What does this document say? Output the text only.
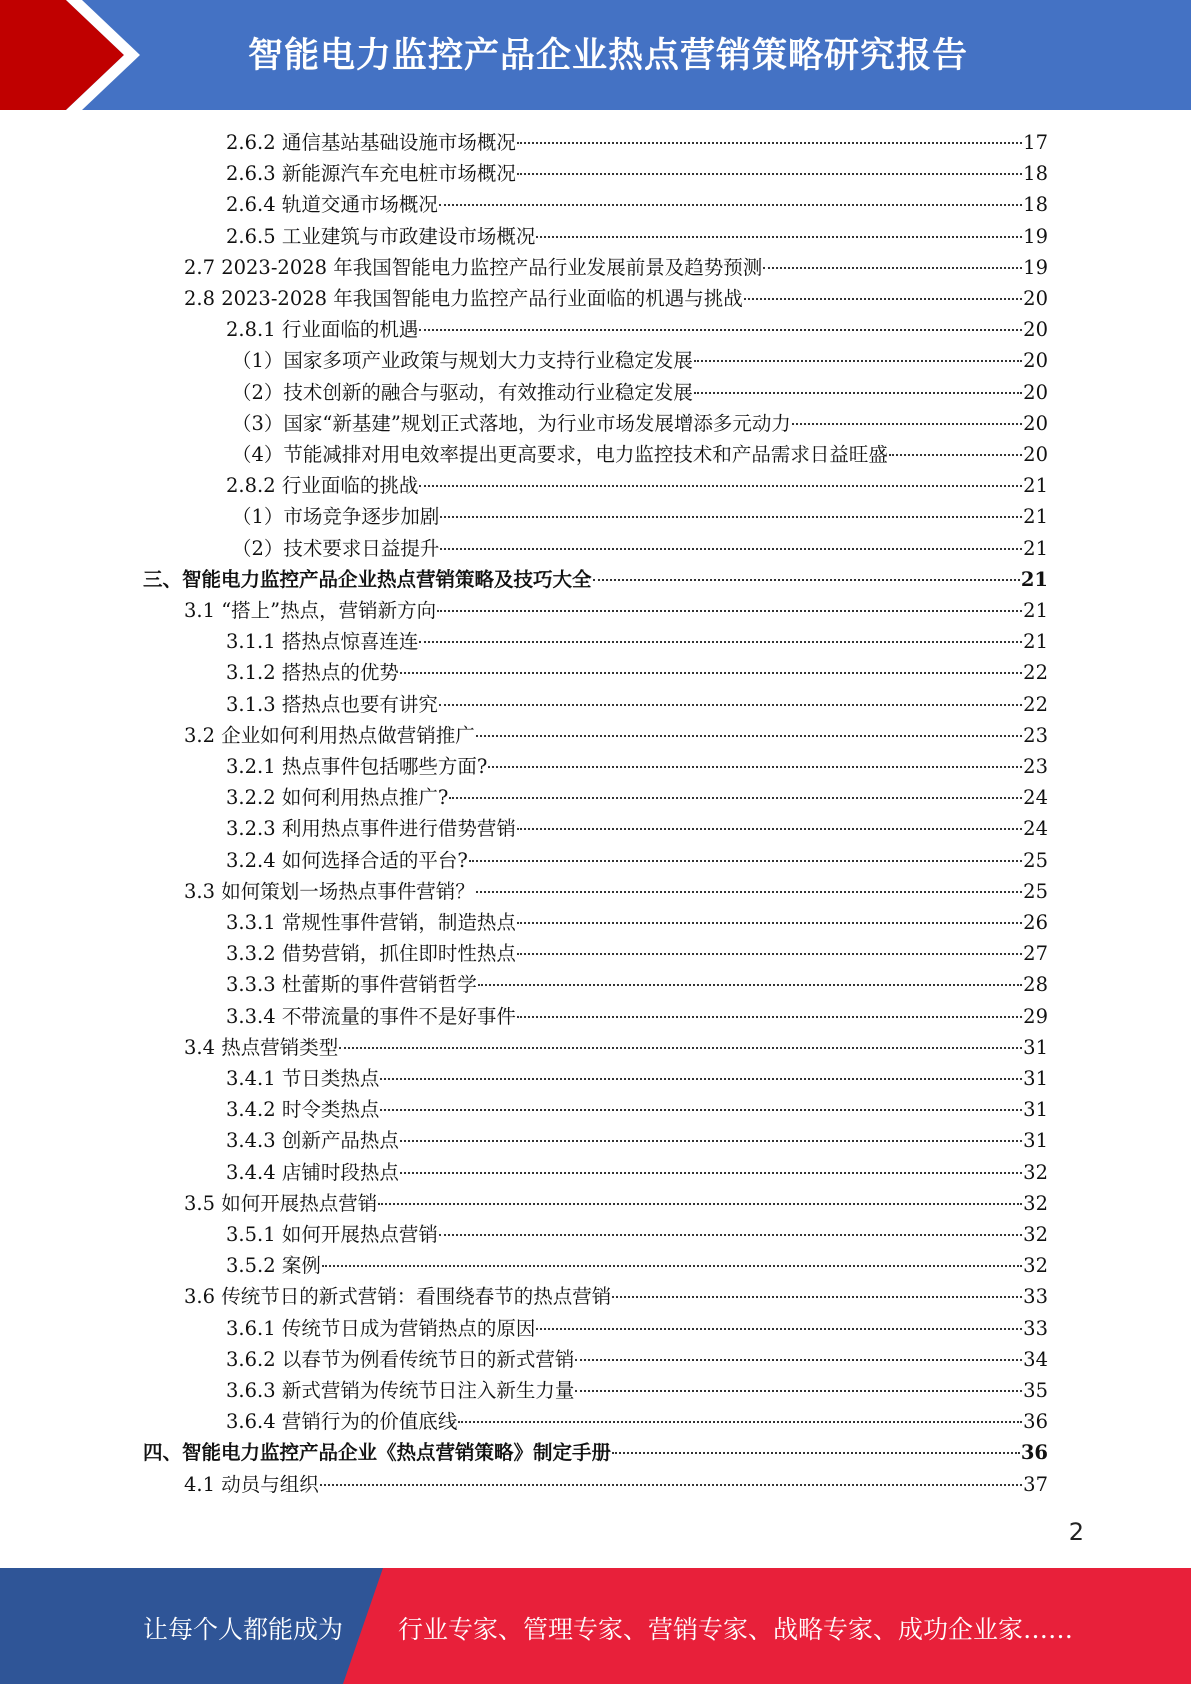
智能电力监控产品企业热点营销策略研究报告
2.6.2 通信基站基础设施市场概况	17
2.6.3 新能源汽车充电桩市场概况	18
2.6.4 轨道交通市场概况	18
2.6.5 工业建筑与市政建设市场概况	19
2.7 2023-2028 年我国智能电力监控产品行业发展前景及趋势预测	19
2.8 2023-2028 年我国智能电力监控产品行业面临的机遇与挑战	20
2.8.1 行业面临的机遇	20
（1）国家多项产业政策与规划大力支持行业稳定发展	20
（2）技术创新的融合与驱动，有效推动行业稳定发展	20
（3）国家“新基建”规划正式落地，为行业市场发展增添多元动力	20
（4）节能减排对用电效率提出更高要求，电力监控技术和产品需求日益旺盛	20
2.8.2 行业面临的挑战	21
（1）市场竞争逐步加剧	21
（2）技术要求日益提升	21
三、智能电力监控产品企业热点营销策略及技巧大全	21
3.1 “搭上”热点，营销新方向	21
3.1.1 搭热点惊喜连连	21
3.1.2 搭热点的优势	22
3.1.3 搭热点也要有讲究	22
3.2 企业如何利用热点做营销推广	23
3.2.1 热点事件包括哪些方面?	23
3.2.2 如何利用热点推广?	24
3.2.3 利用热点事件进行借势营销	24
3.2.4 如何选择合适的平台?	25
3.3 如何策划一场热点事件营销？	25
3.3.1 常规性事件营销，制造热点	26
3.3.2 借势营销，抓住即时性热点	27
3.3.3 杜蕾斯的事件营销哲学	28
3.3.4 不带流量的事件不是好事件	29
3.4 热点营销类型	31
3.4.1 节日类热点	31
3.4.2 时令类热点	31
3.4.3 创新产品热点	31
3.4.4 店铺时段热点	32
3.5 如何开展热点营销	32
3.5.1 如何开展热点营销	32
3.5.2 案例	32
3.6 传统节日的新式营销：看围绕春节的热点营销	33
3.6.1 传统节日成为营销热点的原因	33
3.6.2 以春节为例看传统节日的新式营销	34
3.6.3 新式营销为传统节日注入新生力量	35
3.6.4 营销行为的价值底线	36
四、智能电力监控产品企业《热点营销策略》制定手册	36
4.1 动员与组织	37
2
让每个人都能成为 行业专家、管理专家、营销专家、战略专家、成功企业家……
